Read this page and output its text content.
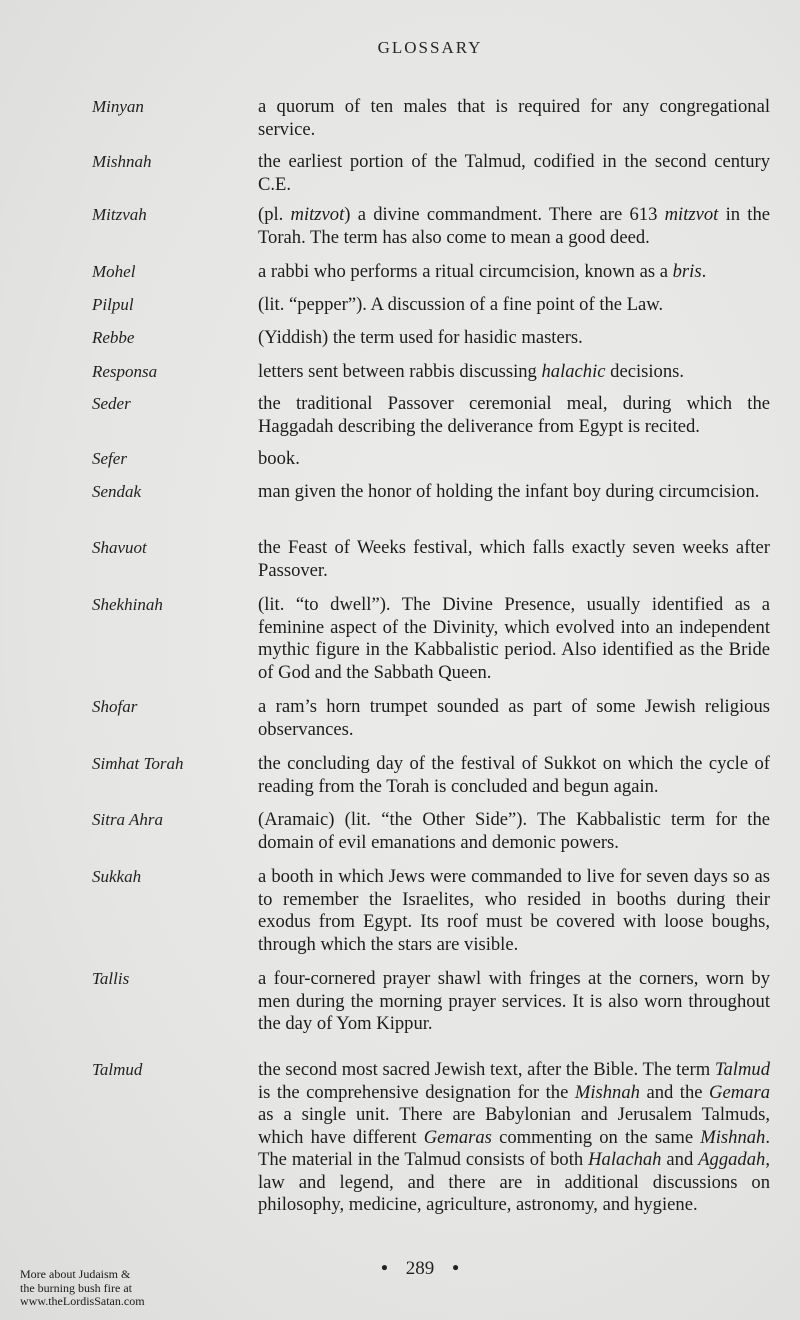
GLOSSARY
Minyan	a quorum of ten males that is required for any congregational service.
Mishnah	the earliest portion of the Talmud, codified in the second century C.E.
Mitzvah	(pl. mitzvot) a divine commandment. There are 613 mitzvot in the Torah. The term has also come to mean a good deed.
Mohel	a rabbi who performs a ritual circumcision, known as a bris.
Pilpul	(lit. “pepper”). A discussion of a fine point of the Law.
Rebbe	(Yiddish) the term used for hasidic masters.
Responsa	letters sent between rabbis discussing halachic decisions.
Seder	the traditional Passover ceremonial meal, during which the Haggadah describing the deliverance from Egypt is recited.
Sefer	book.
Sendak	man given the honor of holding the infant boy during circumcision.
Shavuot	the Feast of Weeks festival, which falls exactly seven weeks after Passover.
Shekhinah	(lit. “to dwell”). The Divine Presence, usually identified as a feminine aspect of the Divinity, which evolved into an independent mythic figure in the Kabbalistic period. Also identified as the Bride of God and the Sabbath Queen.
Shofar	a ram’s horn trumpet sounded as part of some Jewish religious observances.
Simhat Torah	the concluding day of the festival of Sukkot on which the cycle of reading from the Torah is concluded and begun again.
Sitra Ahra	(Aramaic) (lit. “the Other Side”). The Kabbalistic term for the domain of evil emanations and demonic powers.
Sukkah	a booth in which Jews were commanded to live for seven days so as to remember the Israelites, who resided in booths during their exodus from Egypt. Its roof must be covered with loose boughs, through which the stars are visible.
Tallis	a four-cornered prayer shawl with fringes at the corners, worn by men during the morning prayer services. It is also worn throughout the day of Yom Kippur.
Talmud	the second most sacred Jewish text, after the Bible. The term Talmud is the comprehensive designation for the Mishnah and the Gemara as a single unit. There are Babylonian and Jerusalem Talmuds, which have different Gemaras commenting on the same Mishnah. The material in the Talmud consists of both Halachah and Aggadah, law and legend, and there are in additional discussions on philosophy, medicine, agriculture, astronomy, and hygiene.
• 289 •
More about Judaism &
the burning bush fire at
www.theLordisSatan.com
